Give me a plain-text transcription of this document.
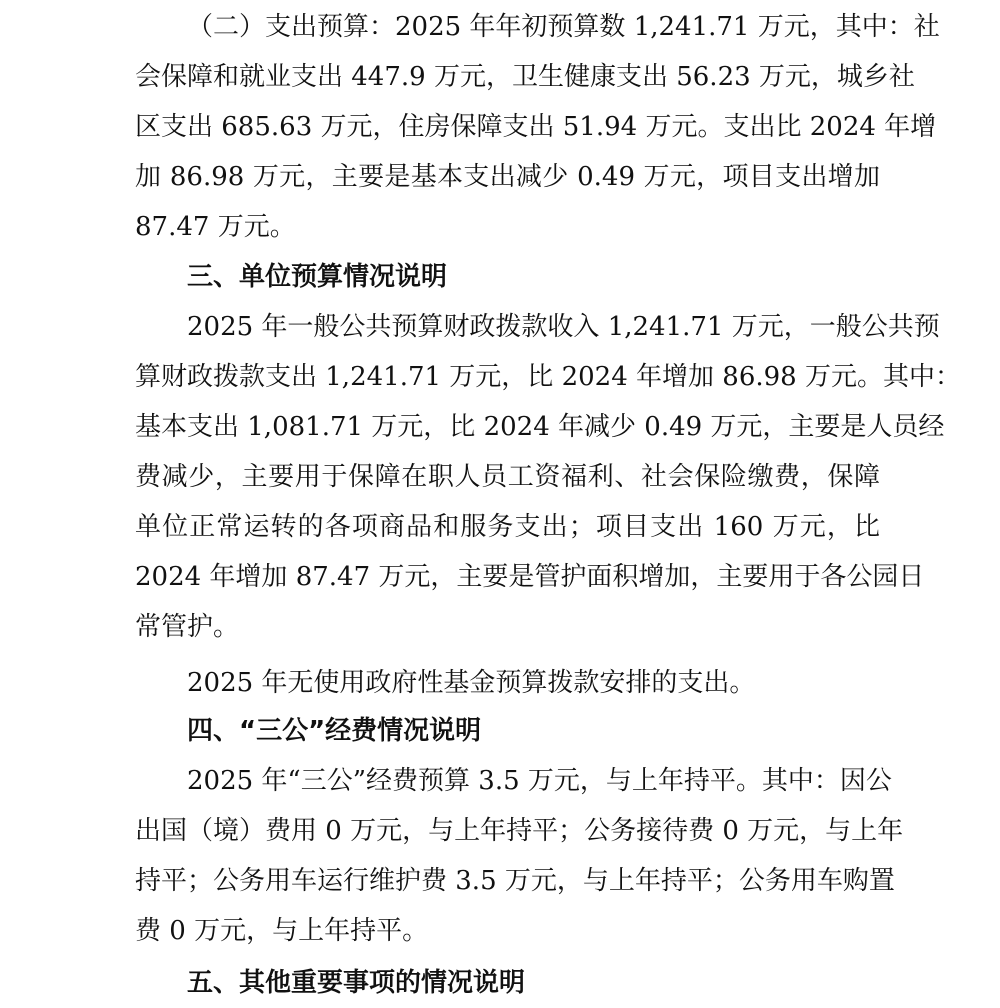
（二）支出预算：2025 年年初预算数 1,241.71 万元，其中：社
会保障和就业支出 447.9 万元，卫生健康支出 56.23 万元，城乡社
区支出 685.63 万元，住房保障支出 51.94 万元。支出比 2024 年增
加 86.98 万元，主要是基本支出减少 0.49 万元，项目支出增加
87.47 万元。
三、单位预算情况说明
2025 年一般公共预算财政拨款收入 1,241.71 万元，一般公共预
算财政拨款支出 1,241.71 万元，比 2024 年增加 86.98 万元。其中：
基本支出 1,081.71 万元，比 2024 年减少 0.49 万元，主要是人员经
费减少，主要用于保障在职人员工资福利、社会保险缴费，保障
单位正常运转的各项商品和服务支出；项目支出 160 万元，比
2024 年增加 87.47 万元，主要是管护面积增加，主要用于各公园日
常管护。
2025 年无使用政府性基金预算拨款安排的支出。
四、“三公”经费情况说明
2025 年“三公”经费预算 3.5 万元，与上年持平。其中：因公
出国（境）费用 0 万元，与上年持平；公务接待费 0 万元，与上年
持平；公务用车运行维护费 3.5 万元，与上年持平；公务用车购置
费 0 万元，与上年持平。
五、其他重要事项的情况说明
